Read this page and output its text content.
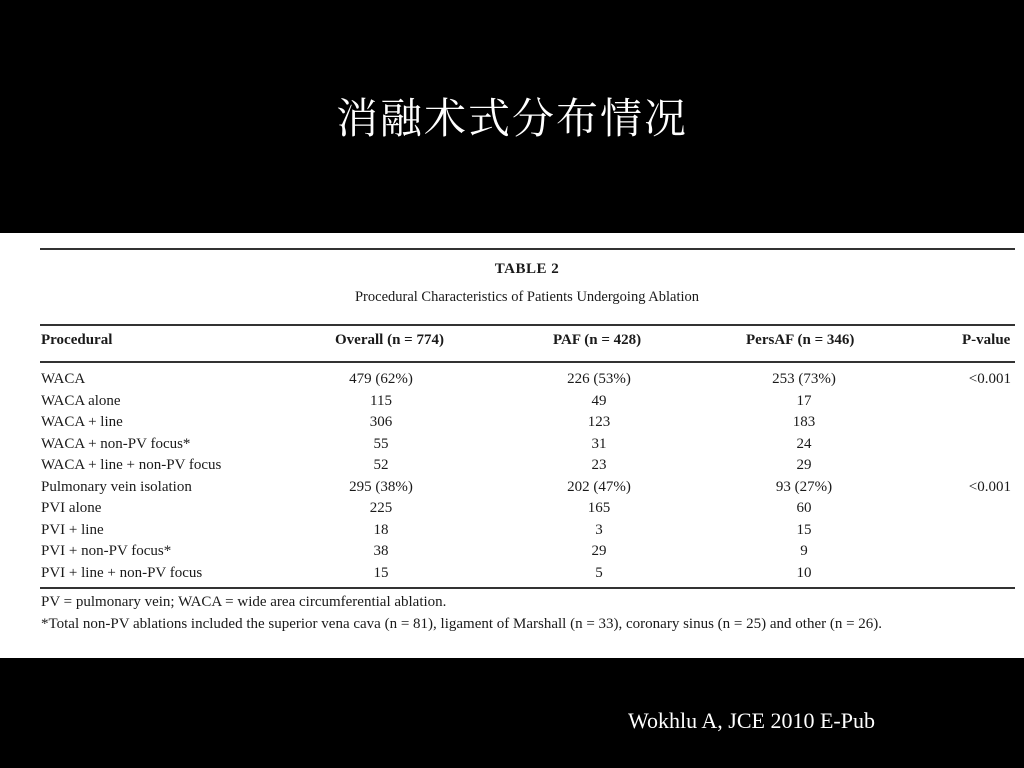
消融术式分布情况
TABLE 2
Procedural Characteristics of Patients Undergoing Ablation
Procedural	Overall (n = 774)	PAF (n = 428)	PersAF (n = 346)	P-value
WACA	479 (62%)	226 (53%)	253 (73%)	<0.001
WACA alone	115	49	17
WACA + line	306	123	183
WACA + non-PV focus*	55	31	24
WACA + line + non-PV focus	52	23	29
Pulmonary vein isolation	295 (38%)	202 (47%)	93 (27%)	<0.001
PVI alone	225	165	60
PVI + line	18	3	15
PVI + non-PV focus*	38	29	9
PVI + line + non-PV focus	15	5	10
PV = pulmonary vein; WACA = wide area circumferential ablation.
*Total non-PV ablations included the superior vena cava (n = 81), ligament of Marshall (n = 33), coronary sinus (n = 25) and other (n = 26).
Wokhlu A, JCE 2010 E-Pub
